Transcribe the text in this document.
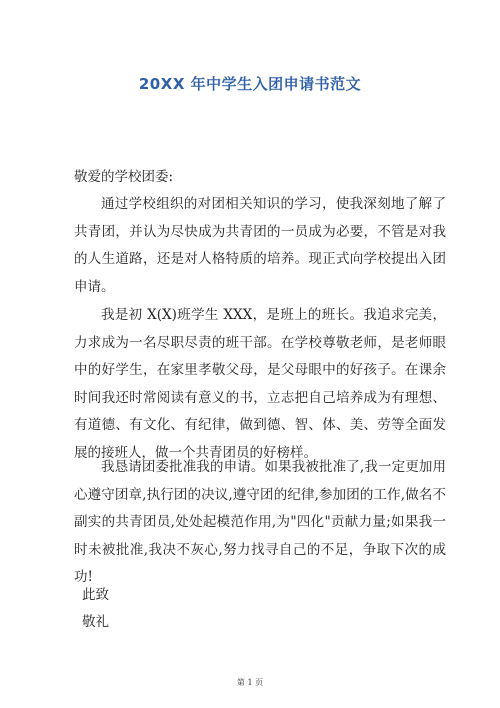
20XX 年中学生入团申请书范文
敬爱的学校团委:

通过学校组织的对团相关知识的学习，使我深刻地了解了共青团，并认为尽快成为共青团的一员成为必要，不管是对我的人生道路，还是对人格特质的培养。现正式向学校提出入团申请。

我是初 X(X)班学生 XXX，是班上的班长。我追求完美，力求成为一名尽职尽责的班干部。在学校尊敬老师，是老师眼中的好学生，在家里孝敬父母，是父母眼中的好孩子。在课余时间我还时常阅读有意义的书，立志把自己培养成为有理想、有道德、有文化、有纪律，做到德、智、体、美、劳等全面发展的接班人，做一个共青团员的好榜样。

我恳请团委批准我的申请。如果我被批准了,我一定更加用心遵守团章,执行团的决议,遵守团的纪律,参加团的工作,做名不副实的共青团员,处处起模范作用,为"四化"贡献力量;如果我一时未被批准,我决不灰心,努力找寻自己的不足，争取下次的成功!

此致
敬礼
第 1 页
